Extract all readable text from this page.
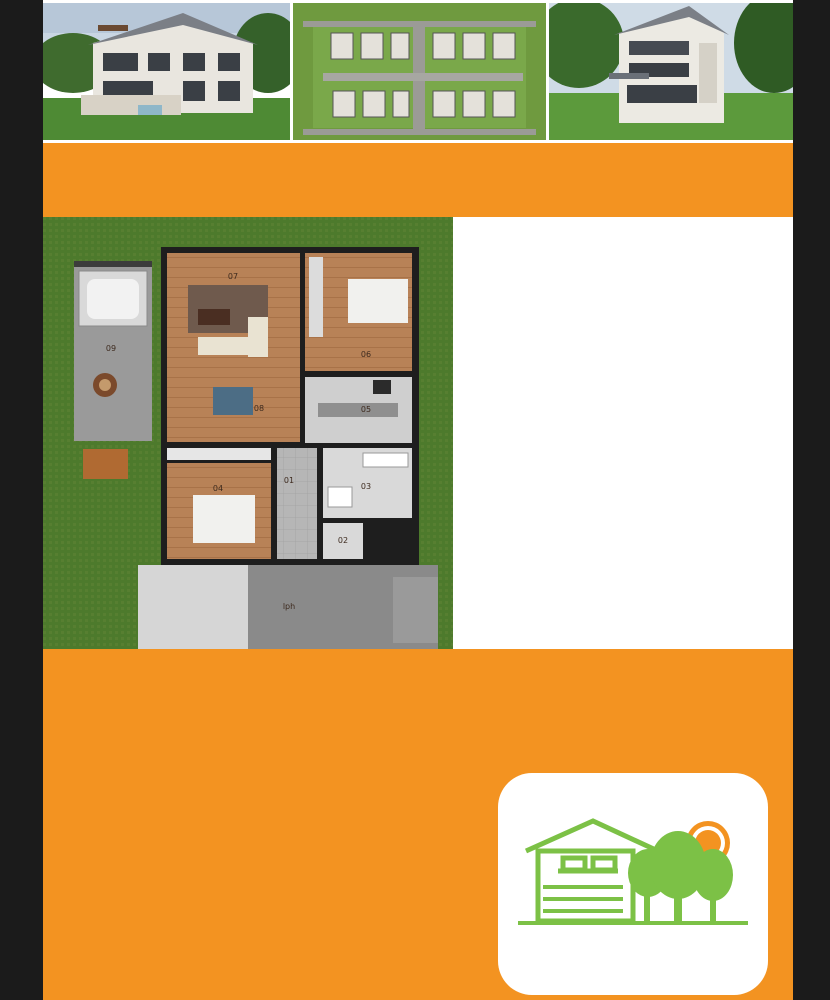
01
02
03
04
05
06
07
08
09
lph
